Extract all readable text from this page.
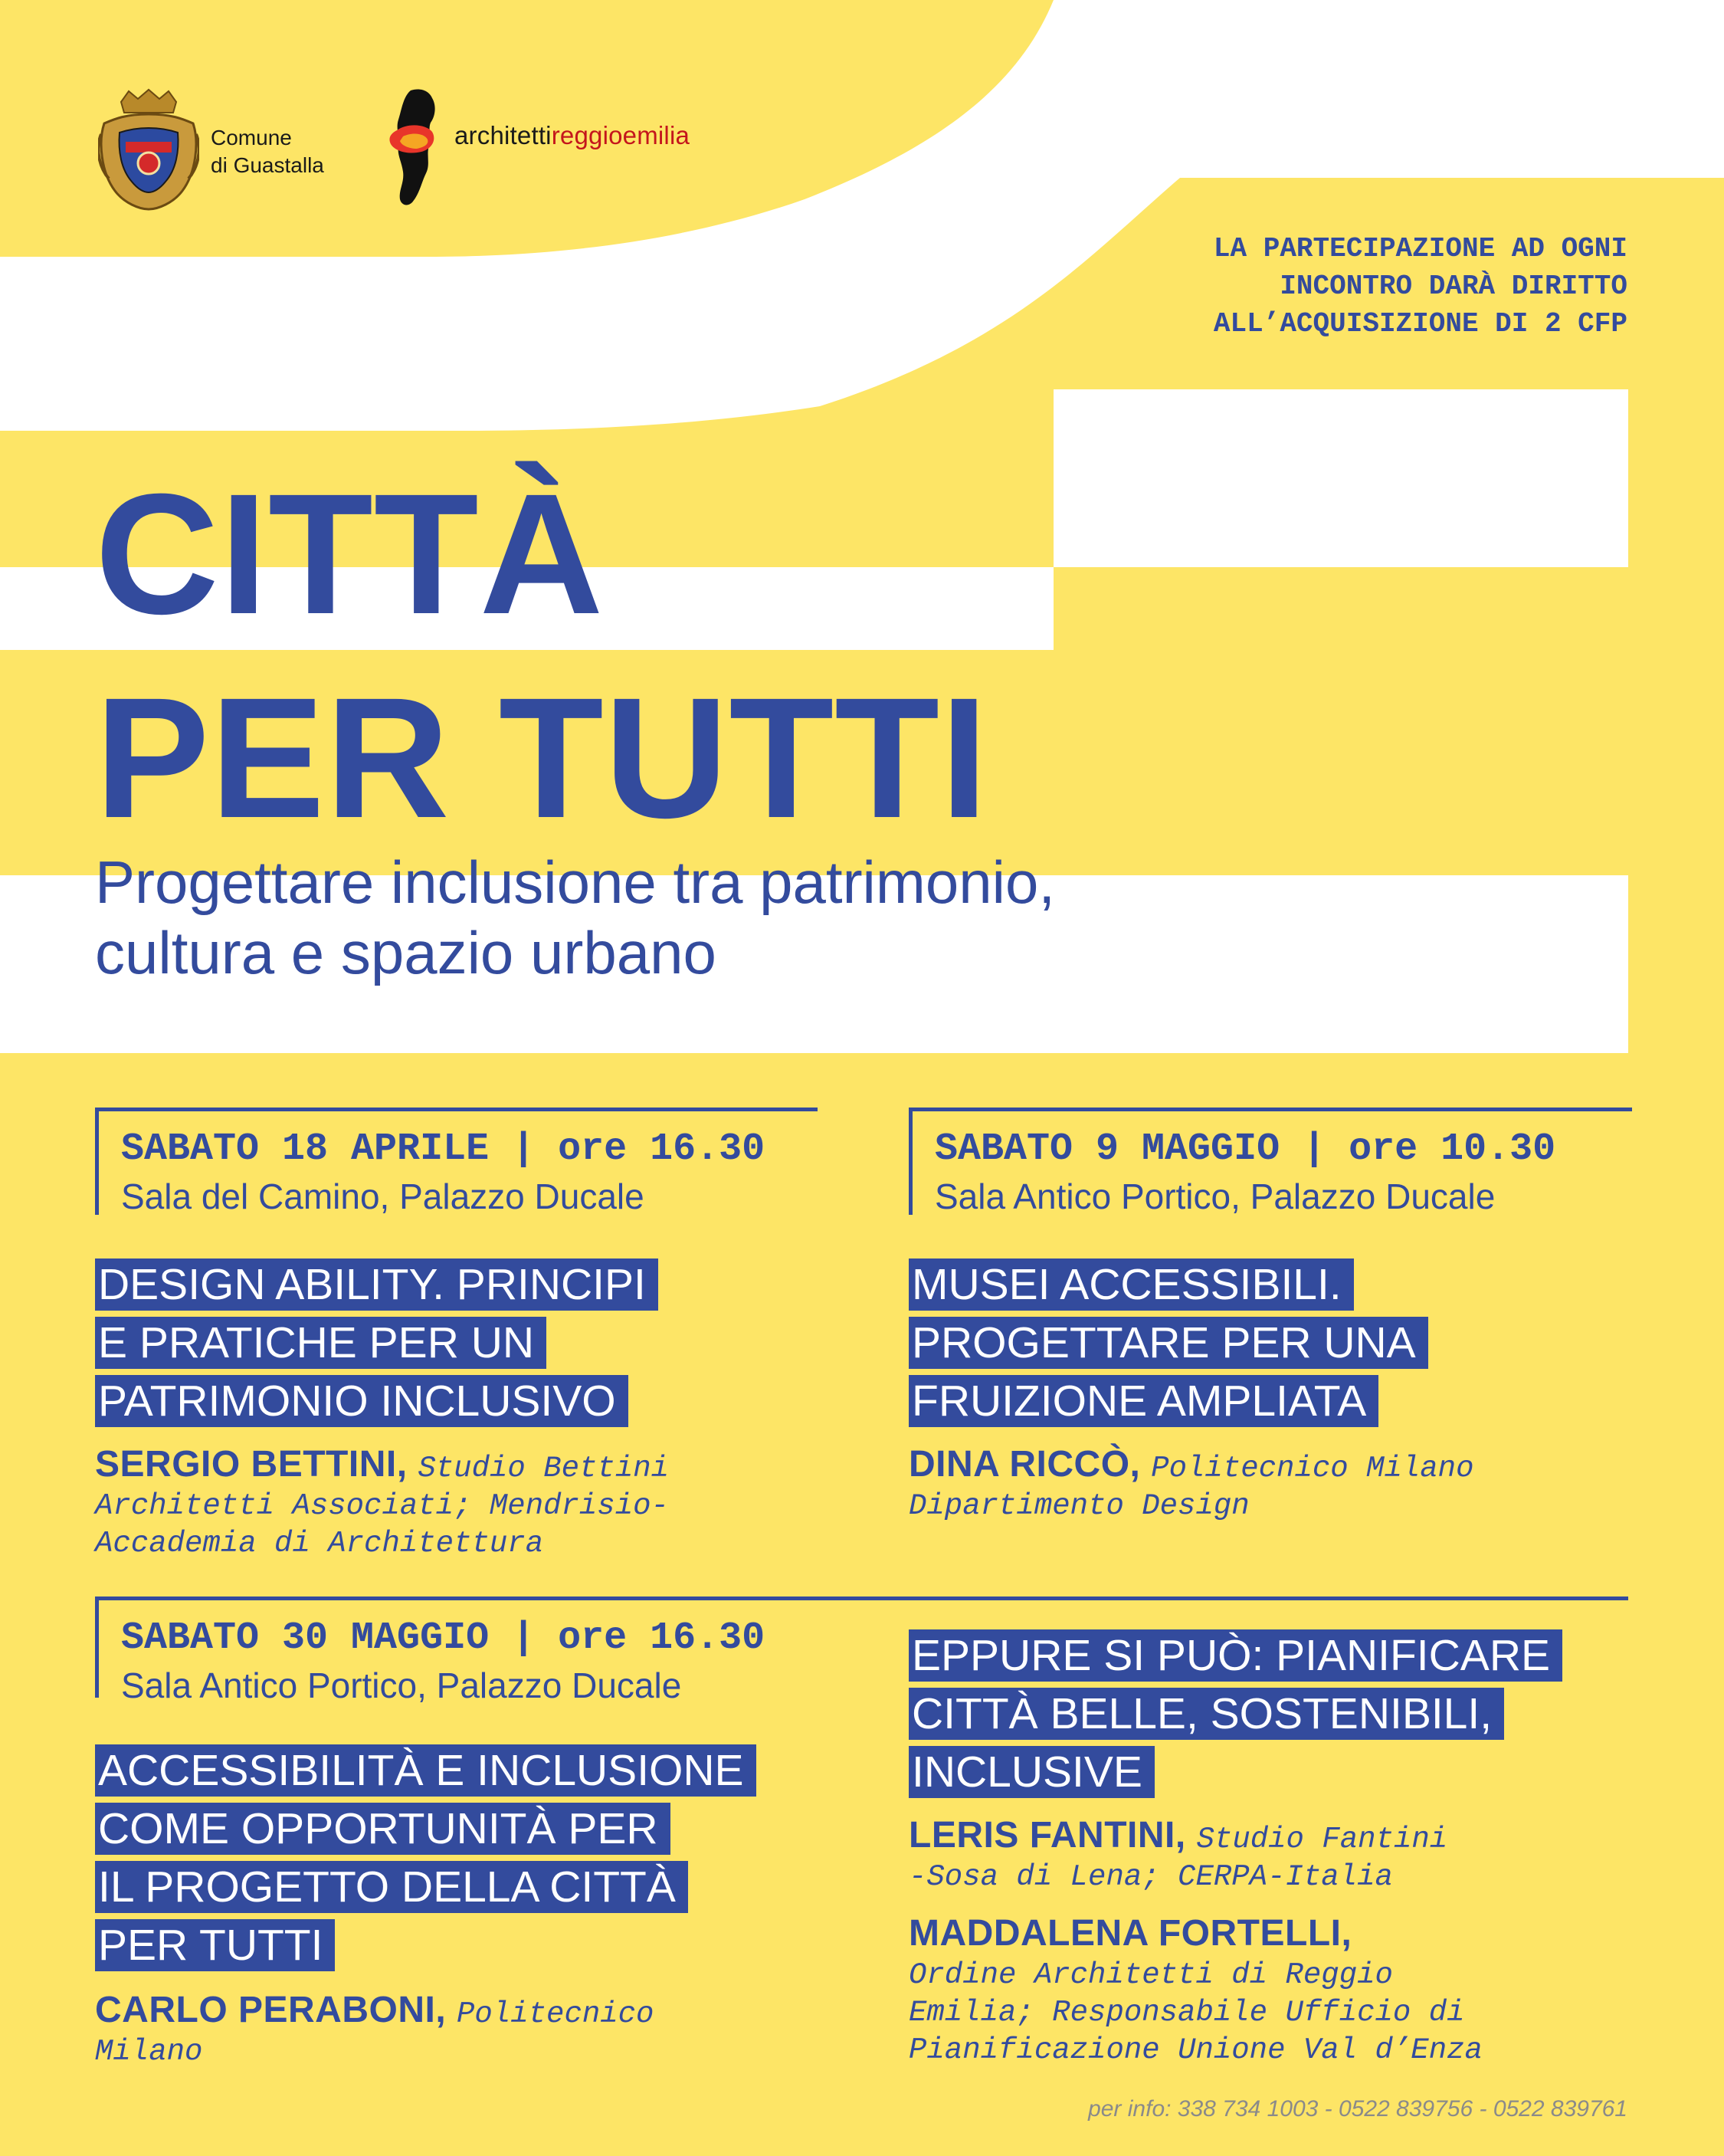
Comune
di Guastalla
architettireggioemilia
LA PARTECIPAZIONE AD OGNI
INCONTRO DARÀ DIRITTO
ALL’ACQUISIZIONE DI 2 CFP
CITTÀ
PER TUTTI
Progettare inclusione tra patrimonio,
cultura e spazio urbano
SABATO 18 APRILE | ore 16.30
Sala del Camino, Palazzo Ducale
DESIGN ABILITY. PRINCIPI
E PRATICHE PER UN
PATRIMONIO INCLUSIVO
SERGIO BETTINI, Studio Bettini
Architetti Associati; Mendrisio-
Accademia di Architettura
SABATO 9 MAGGIO | ore 10.30
Sala Antico Portico, Palazzo Ducale
MUSEI ACCESSIBILI.
PROGETTARE PER UNA
FRUIZIONE AMPLIATA
DINA RICCÒ, Politecnico Milano
Dipartimento Design
SABATO 30 MAGGIO | ore 16.30
Sala Antico Portico, Palazzo Ducale
ACCESSIBILITÀ E INCLUSIONE
COME OPPORTUNITÀ PER
IL PROGETTO DELLA CITTÀ
PER TUTTI
CARLO PERABONI, Politecnico
Milano
EPPURE SI PUÒ: PIANIFICARE
CITTÀ BELLE, SOSTENIBILI,
INCLUSIVE
LERIS FANTINI, Studio Fantini
-Sosa di Lena; CERPA-Italia
MADDALENA FORTELLI,
Ordine Architetti di Reggio
Emilia; Responsabile Ufficio di
Pianificazione Unione Val d’Enza
per info: 338 734 1003 - 0522 839756 - 0522 839761
